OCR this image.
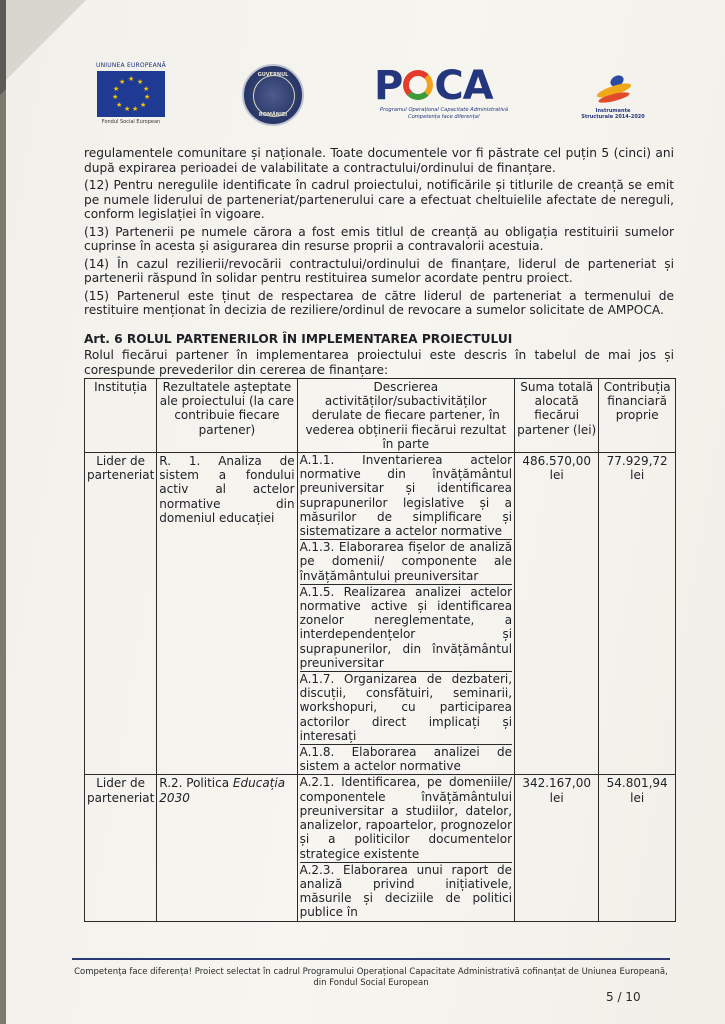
UNIUNEA EUROPEANĂ
★ ★
★
★
★
★
★
★
★
★
★
Fondul Social European
GUVERNUL
ROMÂNIEI
P CA
Programul Operațional Capacitate Administrativă
Competența face diferența!
Instrumente Structurale 2014-2020

regulamentele comunitare și naționale. Toate documentele vor fi păstrate cel puțin 5 (cinci) ani după expirarea perioadei de valabilitate a contractului/ordinului de finanțare.

(12) Pentru neregulile identificate în cadrul proiectului, notificările și titlurile de creanță se emit pe numele liderului de parteneriat/partenerului care a efectuat cheltuielile afectate de nereguli, conform legislației în vigoare.

(13) Partenerii pe numele cărora a fost emis titlul de creanță au obligația restituirii sumelor cuprinse în acesta și asigurarea din resurse proprii a contravalorii acestuia.

(14) În cazul rezilierii/revocării contractului/ordinului de finanțare, liderul de parteneriat și partenerii răspund în solidar pentru restituirea sumelor acordate pentru proiect.

(15) Partenerul este ținut de respectarea de către liderul de parteneriat a termenului de restituire menționat în decizia de reziliere/ordinul de revocare a sumelor solicitate de AMPOCA.

Art. 6 ROLUL PARTENERILOR ÎN IMPLEMENTAREA PROIECTULUI

Rolul fiecărui partener în implementarea proiectului este descris în tabelul de mai jos și corespunde prevederilor din cererea de finanțare:

Instituția	Rezultatele așteptate ale proiectului (la care contribuie fiecare partener)	Descrierea activităților/subactivităților derulate de fiecare partener, în vederea obținerii fiecărui rezultat în parte	Suma totală alocată fiecărui partener (lei)	Contribuția financiară proprie
Lider de parteneriat	R. 1. Analiza de sistem a fondului activ al actelor normative din domeniul educației	A.1.1. Inventarierea actelor normative din învățământul preuniversitar și identificarea suprapunerilor legislative și a măsurilor de simplificare și sistematizare a actelor normative
A.1.3. Elaborarea fișelor de analiză pe domenii/ componente ale învățământului preuniversitar
A.1.5. Realizarea analizei actelor normative active și identificarea zonelor nereglementate, a interdependențelor și suprapunerilor, din învățământul preuniversitar
A.1.7. Organizarea de dezbateri, discuții, consfătuiri, seminarii, workshopuri, cu participarea actorilor direct implicați și interesați
A.1.8. Elaborarea analizei de sistem a actelor normative	486.570,00 lei	77.929,72 lei
Lider de parteneriat	R.2. Politica Educația 2030	A.2.1. Identificarea, pe domeniile/ componentele învățământului preuniversitar a studiilor, datelor, analizelor, rapoartelor, prognozelor și a politicilor documentelor strategice existente
A.2.3. Elaborarea unui raport de analiză privind inițiativele, măsurile și deciziile de politici publice în	342.167,00 lei	54.801,94 lei
Competența face diferența! Proiect selectat în cadrul Programului Operațional Capacitate Administrativă cofinanțat de Uniunea Europeană, din Fondul Social European
5 / 10
